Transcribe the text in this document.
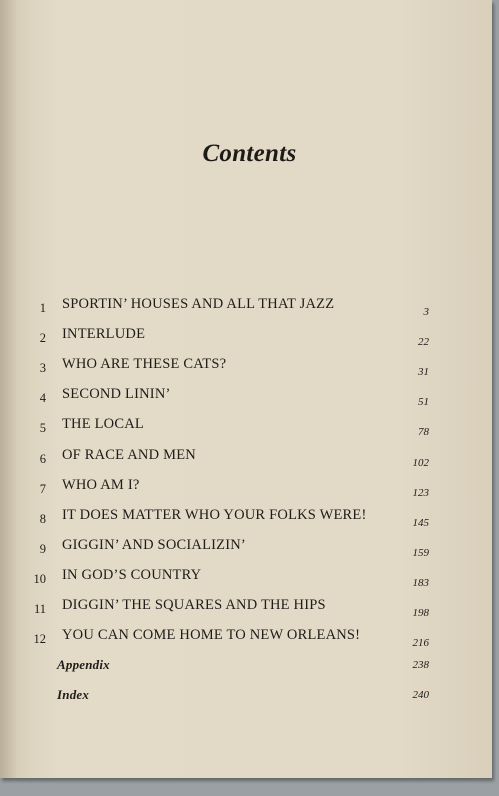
Contents
1 SPORTIN’ HOUSES AND ALL THAT JAZZ	3
2 INTERLUDE	22
3 WHO ARE THESE CATS?	31
4 SECOND LININ’	51
5 THE LOCAL	78
6 OF RACE AND MEN	102
7 WHO AM I?	123
8 IT DOES MATTER WHO YOUR FOLKS WERE!	145
9 GIGGIN’ AND SOCIALIZIN’	159
10 IN GOD’S COUNTRY	183
11 DIGGIN’ THE SQUARES AND THE HIPS	198
12 YOU CAN COME HOME TO NEW ORLEANS!	216
Appendix	238
Index	240
